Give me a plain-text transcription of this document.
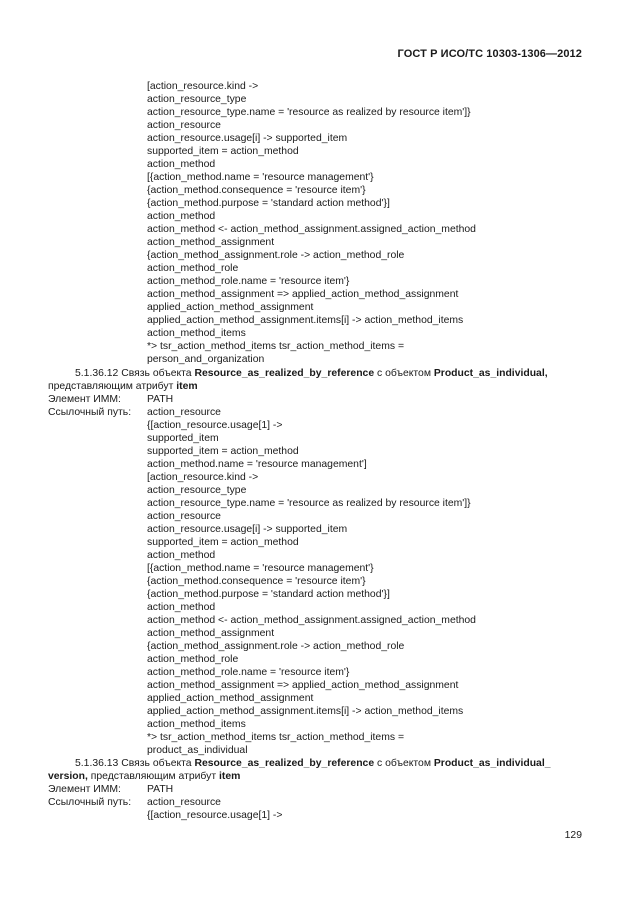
ГОСТ Р ИСО/ТС 10303-1306—2012
[action_resource.kind ->
action_resource_type
action_resource_type.name = 'resource as realized by resource item']}
action_resource
action_resource.usage[i] -> supported_item
supported_item = action_method
action_method
[{action_method.name = 'resource management'}
{action_method.consequence = 'resource item'}
{action_method.purpose = 'standard action method'}]
action_method
action_method <- action_method_assignment.assigned_action_method
action_method_assignment
{action_method_assignment.role -> action_method_role
action_method_role
action_method_role.name = 'resource item'}
action_method_assignment => applied_action_method_assignment
applied_action_method_assignment
applied_action_method_assignment.items[i] -> action_method_items
action_method_items
*> tsr_action_method_items tsr_action_method_items =
person_and_organization
5.1.36.12 Связь объекта Resource_as_realized_by_reference с объектом Product_as_individual,
представляющим атрибут item
Элемент ИММ:	PATH
Ссылочный путь: action_resource
{[action_resource.usage[1] ->
supported_item
supported_item = action_method
action_method.name = 'resource management']
[action_resource.kind ->
action_resource_type
action_resource_type.name = 'resource as realized by resource item']}
action_resource
action_resource.usage[i] -> supported_item
supported_item = action_method
action_method
[{action_method.name = 'resource management'}
{action_method.consequence = 'resource item'}
{action_method.purpose = 'standard action method'}]
action_method
action_method <- action_method_assignment.assigned_action_method
action_method_assignment
{action_method_assignment.role -> action_method_role
action_method_role
action_method_role.name = 'resource item'}
action_method_assignment => applied_action_method_assignment
applied_action_method_assignment
applied_action_method_assignment.items[i] -> action_method_items
action_method_items
*> tsr_action_method_items tsr_action_method_items =
product_as_individual
5.1.36.13 Связь объекта Resource_as_realized_by_reference с объектом Product_as_individual_
version, представляющим атрибут item
Элемент ИММ:	PATH
Ссылочный путь: action_resource
{[action_resource.usage[1] ->
129
